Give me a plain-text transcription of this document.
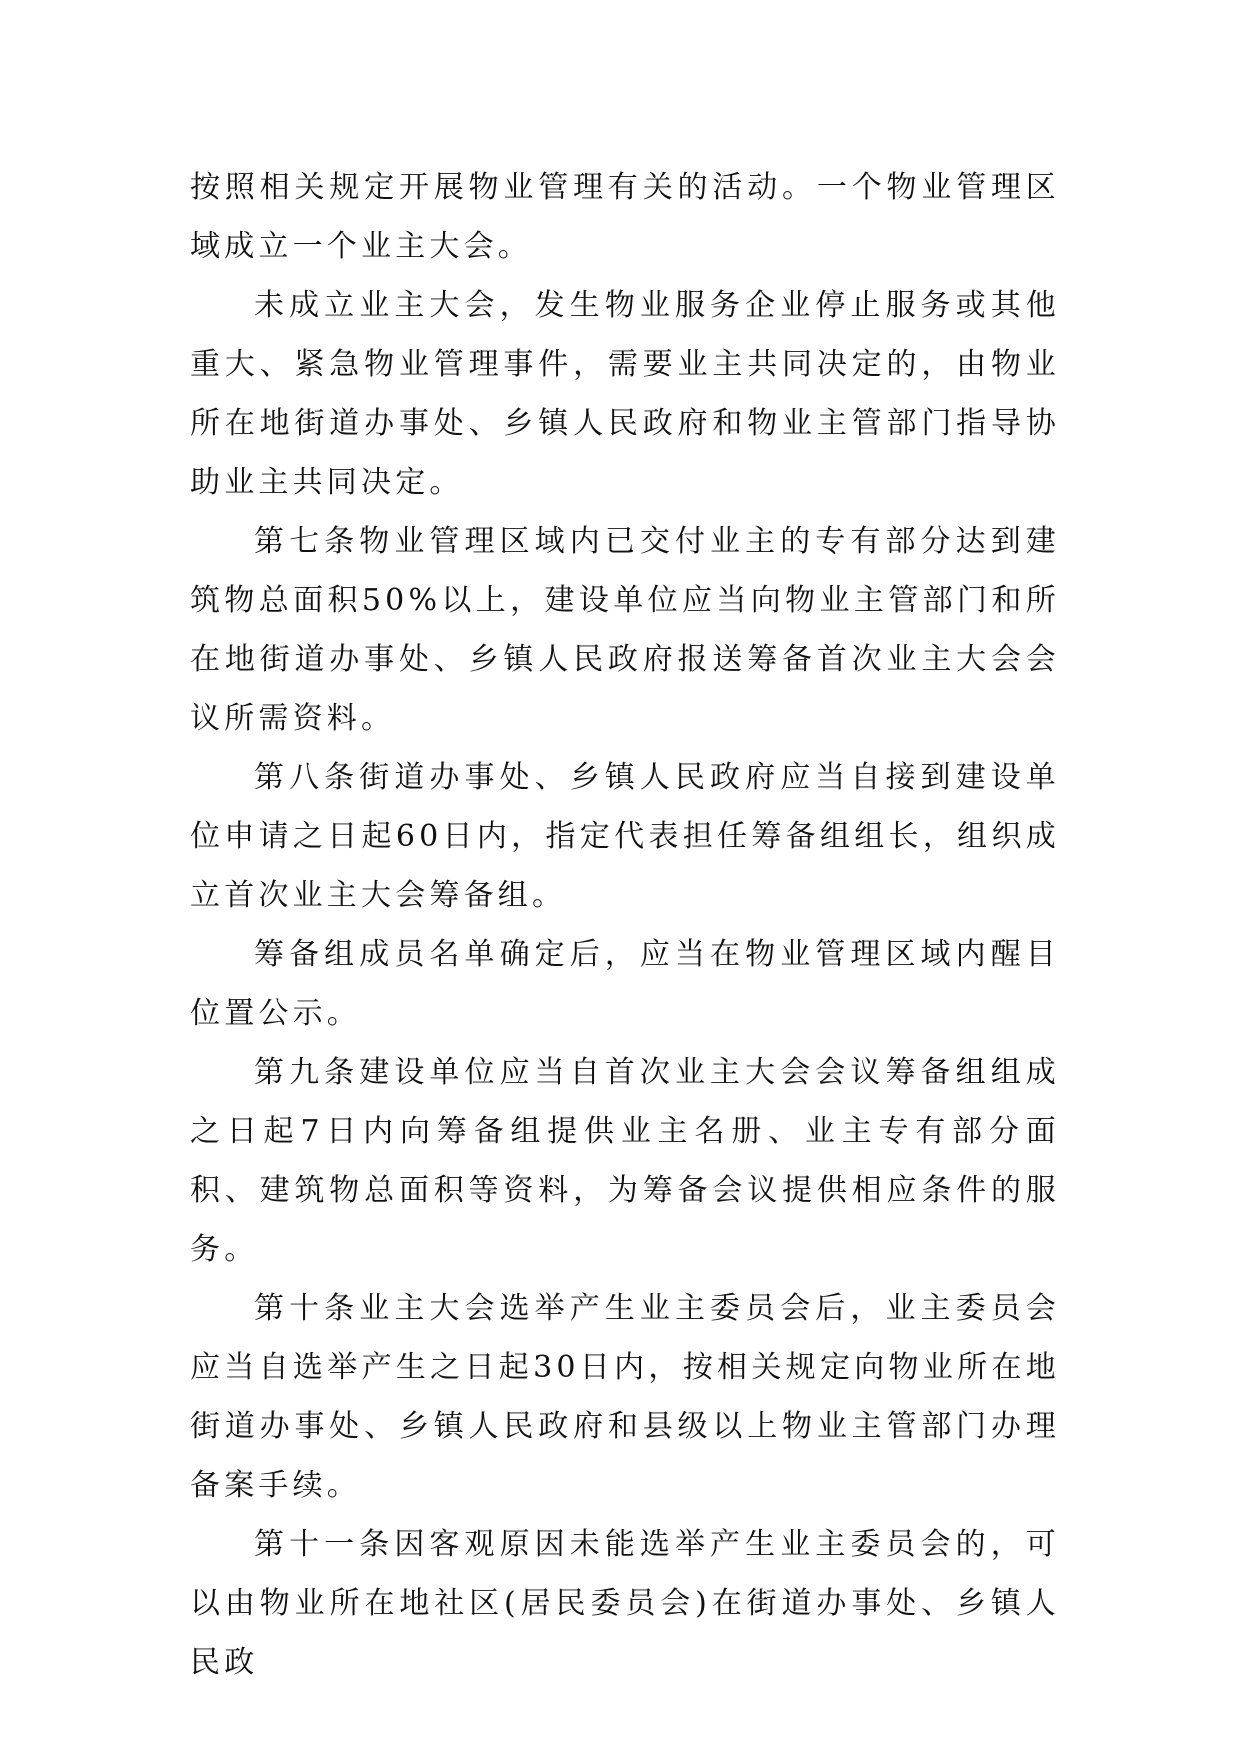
按照相关规定开展物业管理有关的活动。一个物业管理区域成立一个业主大会。

未成立业主大会，发生物业服务企业停止服务或其他重大、紧急物业管理事件，需要业主共同决定的，由物业所在地街道办事处、乡镇人民政府和物业主管部门指导协助业主共同决定。

第七条物业管理区域内已交付业主的专有部分达到建筑物总面积50%以上，建设单位应当向物业主管部门和所在地街道办事处、乡镇人民政府报送筹备首次业主大会会议所需资料。

第八条街道办事处、乡镇人民政府应当自接到建设单位申请之日起60日内，指定代表担任筹备组组长，组织成立首次业主大会筹备组。

筹备组成员名单确定后，应当在物业管理区域内醒目位置公示。

第九条建设单位应当自首次业主大会会议筹备组组成之日起7日内向筹备组提供业主名册、业主专有部分面积、建筑物总面积等资料，为筹备会议提供相应条件的服务。

第十条业主大会选举产生业主委员会后，业主委员会应当自选举产生之日起30日内，按相关规定向物业所在地街道办事处、乡镇人民政府和县级以上物业主管部门办理备案手续。

第十一条因客观原因未能选举产生业主委员会的，可以由物业所在地社区(居民委员会)在街道办事处、乡镇人民政
